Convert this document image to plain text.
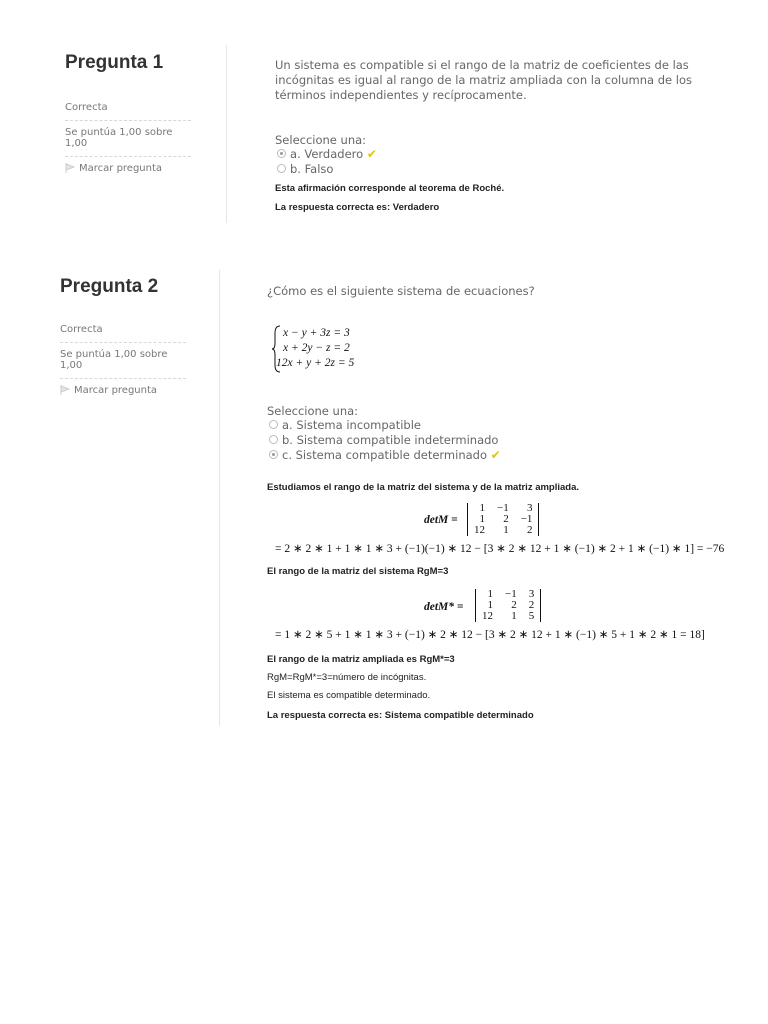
Pregunta 1
Correcta
Se puntúa 1,00 sobre 1,00
Marcar pregunta

Un sistema es compatible si el rango de la matriz de coeficientes de las incógnitas es igual al rango de la matriz ampliada con la columna de los términos independientes y recíprocamente.

Seleccione una:

a. Verdadero ✔
b. Falso

Esta afirmación corresponde al teorema de Roché.

La respuesta correcta es: Verdadero

Pregunta 2
Correcta
Se puntúa 1,00 sobre 1,00
Marcar pregunta

¿Cómo es el siguiente sistema de ecuaciones?

x − y + 3z = 3
x + 2y − z = 2
12x + y + 2z = 5

Seleccione una:

a. Sistema incompatible
b. Sistema compatible indeterminado
c. Sistema compatible determinado ✔

Estudiamos el rango de la matriz del sistema y de la matriz ampliada.

detM =
1	−1	3
1	2	−1
12	1	2
= 2 ∗ 2 ∗ 1 + 1 ∗ 1 ∗ 3 + (−1)(−1) ∗ 12 − [3 ∗ 2 ∗ 12 + 1 ∗ (−1) ∗ 2 + 1 ∗ (−1) ∗ 1] = −76

El rango de la matriz del sistema RgM=3

detM* =
1	−1	3
1	2	2
12	1	5
= 1 ∗ 2 ∗ 5 + 1 ∗ 1 ∗ 3 + (−1) ∗ 2 ∗ 12 − [3 ∗ 2 ∗ 12 + 1 ∗ (−1) ∗ 5 + 1 ∗ 2 ∗ 1 = 18]

El rango de la matriz ampliada es RgM*=3

RgM=RgM*=3=número de incógnitas.

El sistema es compatible determinado.

La respuesta correcta es: Sistema compatible determinado
